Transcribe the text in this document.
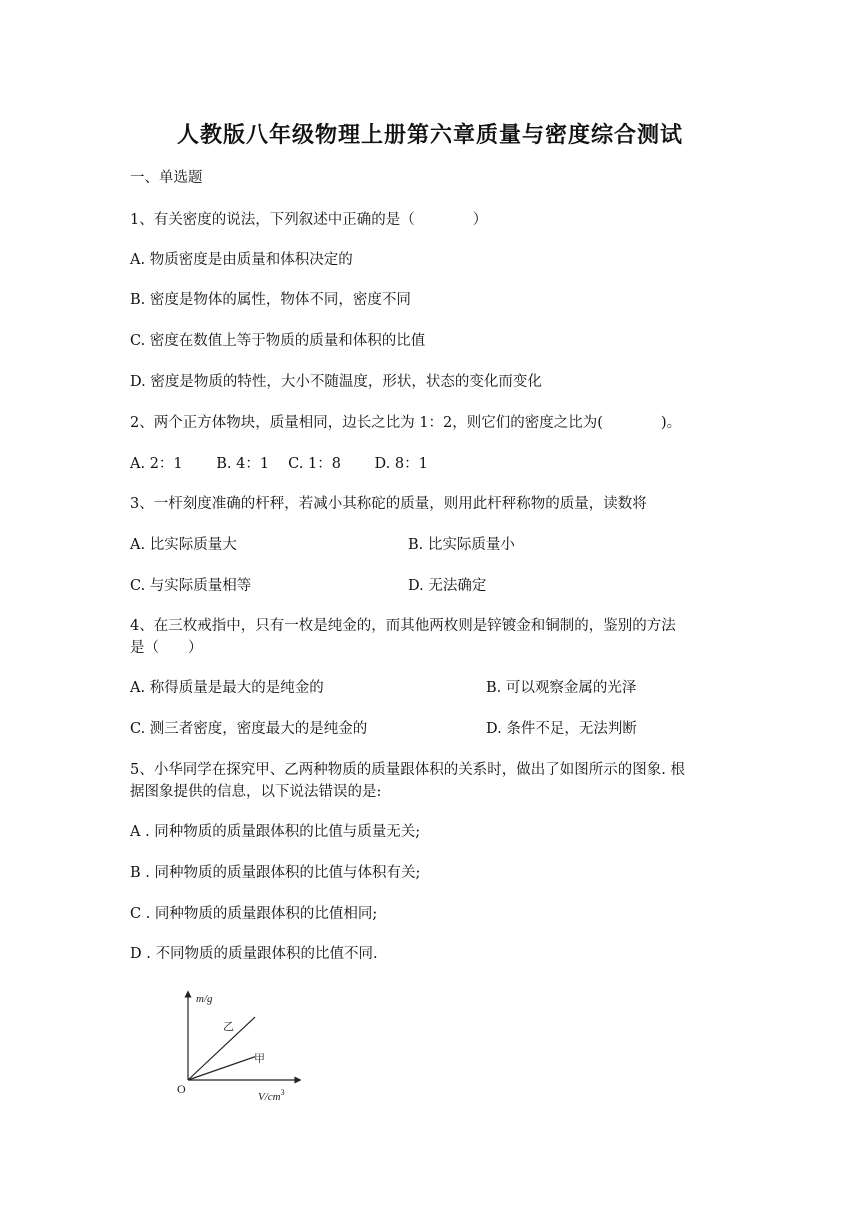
人教版八年级物理上册第六章质量与密度综合测试
一、单选题
1、有关密度的说法，下列叙述中正确的是（　　　　）
A. 物质密度是由质量和体积决定的
B. 密度是物体的属性，物体不同，密度不同
C. 密度在数值上等于物质的质量和体积的比值
D. 密度是物质的特性，大小不随温度，形状，状态的变化而变化
2、两个正方体物块，质量相同，边长之比为 1：2，则它们的密度之比为(　　　　)。
A. 2：1　　 B. 4：1　 C. 1：8　　 D. 8：1
3、一杆刻度准确的杆秤，若减小其称砣的质量，则用此杆秤称物的质量，读数将
A. 比实际质量大	B. 比实际质量小
C. 与实际质量相等	D. 无法确定
4、在三枚戒指中，只有一枚是纯金的，而其他两枚则是锌镀金和铜制的，鉴别的方法
是（　　）
A. 称得质量是最大的是纯金的	B. 可以观察金属的光泽
C. 测三者密度，密度最大的是纯金的	D. 条件不足，无法判断
5、小华同学在探究甲、乙两种物质的质量跟体积的关系时，做出了如图所示的图象. 根
据图象提供的信息，以下说法错误的是:
A . 同种物质的质量跟体积的比值与质量无关;
B . 同种物质的质量跟体积的比值与体积有关;
C . 同种物质的质量跟体积的比值相同;
D . 不同物质的质量跟体积的比值不同.
m/g
乙
甲
O
$V/cm^3$
